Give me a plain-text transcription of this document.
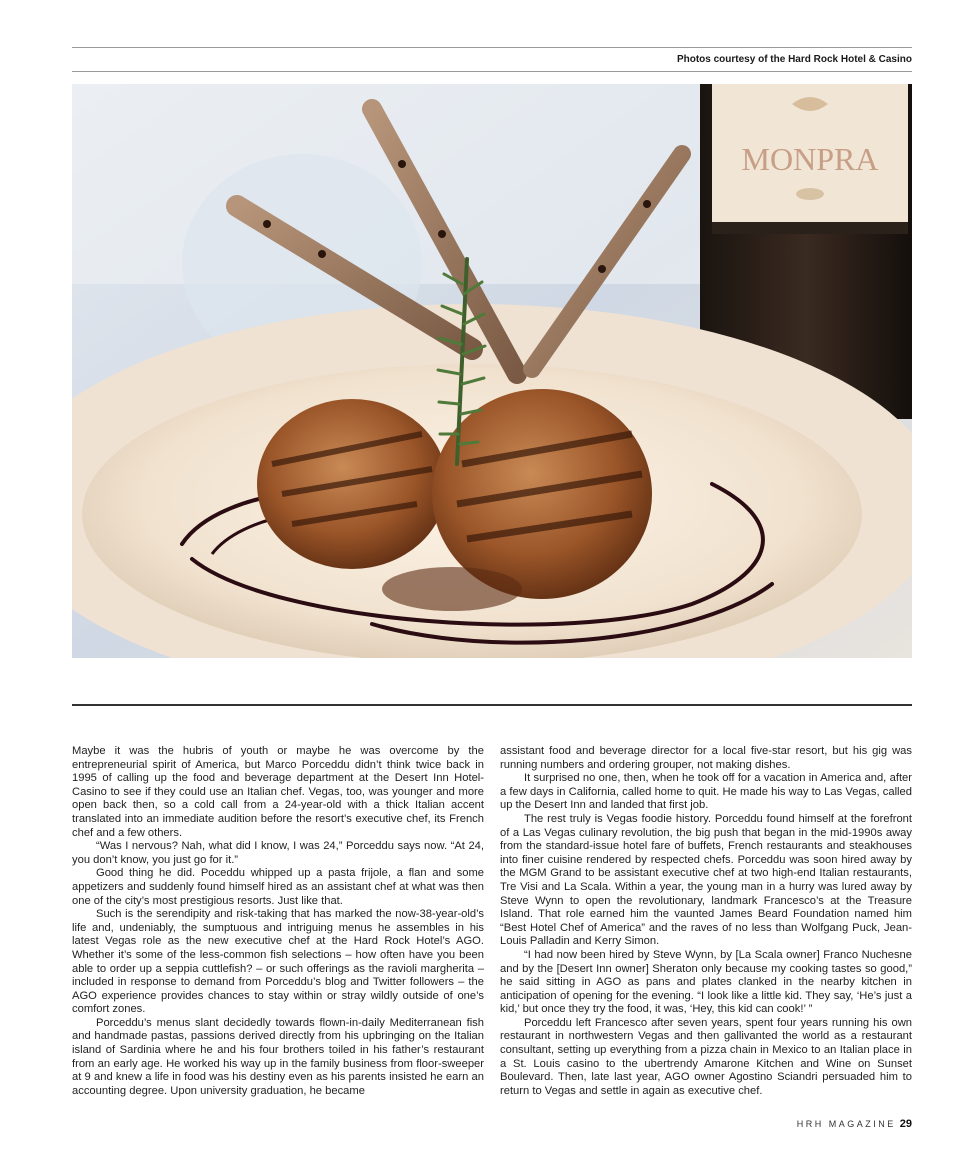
Photos courtesy of the Hard Rock Hotel & Casino
MONPRA

Maybe it was the hubris of youth or maybe he was overcome by the entrepreneurial spirit of America, but Marco Porceddu didn’t think twice back in 1995 of calling up the food and beverage department at the Desert Inn Hotel-Casino to see if they could use an Italian chef. Vegas, too, was younger and more open back then, so a cold call from a 24-year-old with a thick Italian accent translated into an immediate audition before the resort’s executive chef, its French chef and a few others.

“Was I nervous? Nah, what did I know, I was 24,” Porceddu says now. “At 24, you don’t know, you just go for it.”

Good thing he did. Poceddu whipped up a pasta frijole, a flan and some appetizers and suddenly found himself hired as an assistant chef at what was then one of the city’s most prestigious resorts. Just like that.

Such is the serendipity and risk-taking that has marked the now-38-year-old’s life and, undeniably, the sumptuous and intriguing menus he assembles in his latest Vegas role as the new executive chef at the Hard Rock Hotel’s AGO. Whether it’s some of the less-common fish selections – how often have you been able to order up a seppia cuttlefish? – or such offerings as the ravioli margherita – included in response to demand from Porceddu’s blog and Twitter followers – the AGO experience provides chances to stay within or stray wildly outside of one’s comfort zones.

Porceddu’s menus slant decidedly towards flown-in-daily Mediterranean fish and handmade pastas, passions derived directly from his upbringing on the Italian island of Sardinia where he and his four brothers toiled in his father’s restaurant from an early age. He worked his way up in the family business from floor-sweeper at 9 and knew a life in food was his destiny even as his parents insisted he earn an accounting degree. Upon university graduation, he became

assistant food and beverage director for a local five-star resort, but his gig was running numbers and ordering grouper, not making dishes.

It surprised no one, then, when he took off for a vacation in America and, after a few days in California, called home to quit. He made his way to Las Vegas, called up the Desert Inn and landed that first job.

The rest truly is Vegas foodie history. Porceddu found himself at the forefront of a Las Vegas culinary revolution, the big push that began in the mid-1990s away from the standard-issue hotel fare of buffets, French restaurants and steakhouses into finer cuisine rendered by respected chefs. Porceddu was soon hired away by the MGM Grand to be assistant executive chef at two high-end Italian restaurants, Tre Visi and La Scala. Within a year, the young man in a hurry was lured away by Steve Wynn to open the revolutionary, landmark Francesco’s at the Treasure Island. That role earned him the vaunted James Beard Foundation named him “Best Hotel Chef of America” and the raves of no less than Wolfgang Puck, Jean-Louis Palladin and Kerry Simon.

“I had now been hired by Steve Wynn, by [La Scala owner] Franco Nuchesne and by the [Desert Inn owner] Sheraton only because my cooking tastes so good,” he said sitting in AGO as pans and plates clanked in the nearby kitchen in anticipation of opening for the evening. “I look like a little kid. They say, ‘He’s just a kid,’ but once they try the food, it was, ‘Hey, this kid can cook!’ ”

Porceddu left Francesco after seven years, spent four years running his own restaurant in northwestern Vegas and then gallivanted the world as a restaurant consultant, setting up everything from a pizza chain in Mexico to an Italian place in a St. Louis casino to the ubertrendy Amarone Kitchen and Wine on Sunset Boulevard. Then, late last year, AGO owner Agostino Sciandri persuaded him to return to Vegas and settle in again as executive chef.

HRH MAGAZINE 29
